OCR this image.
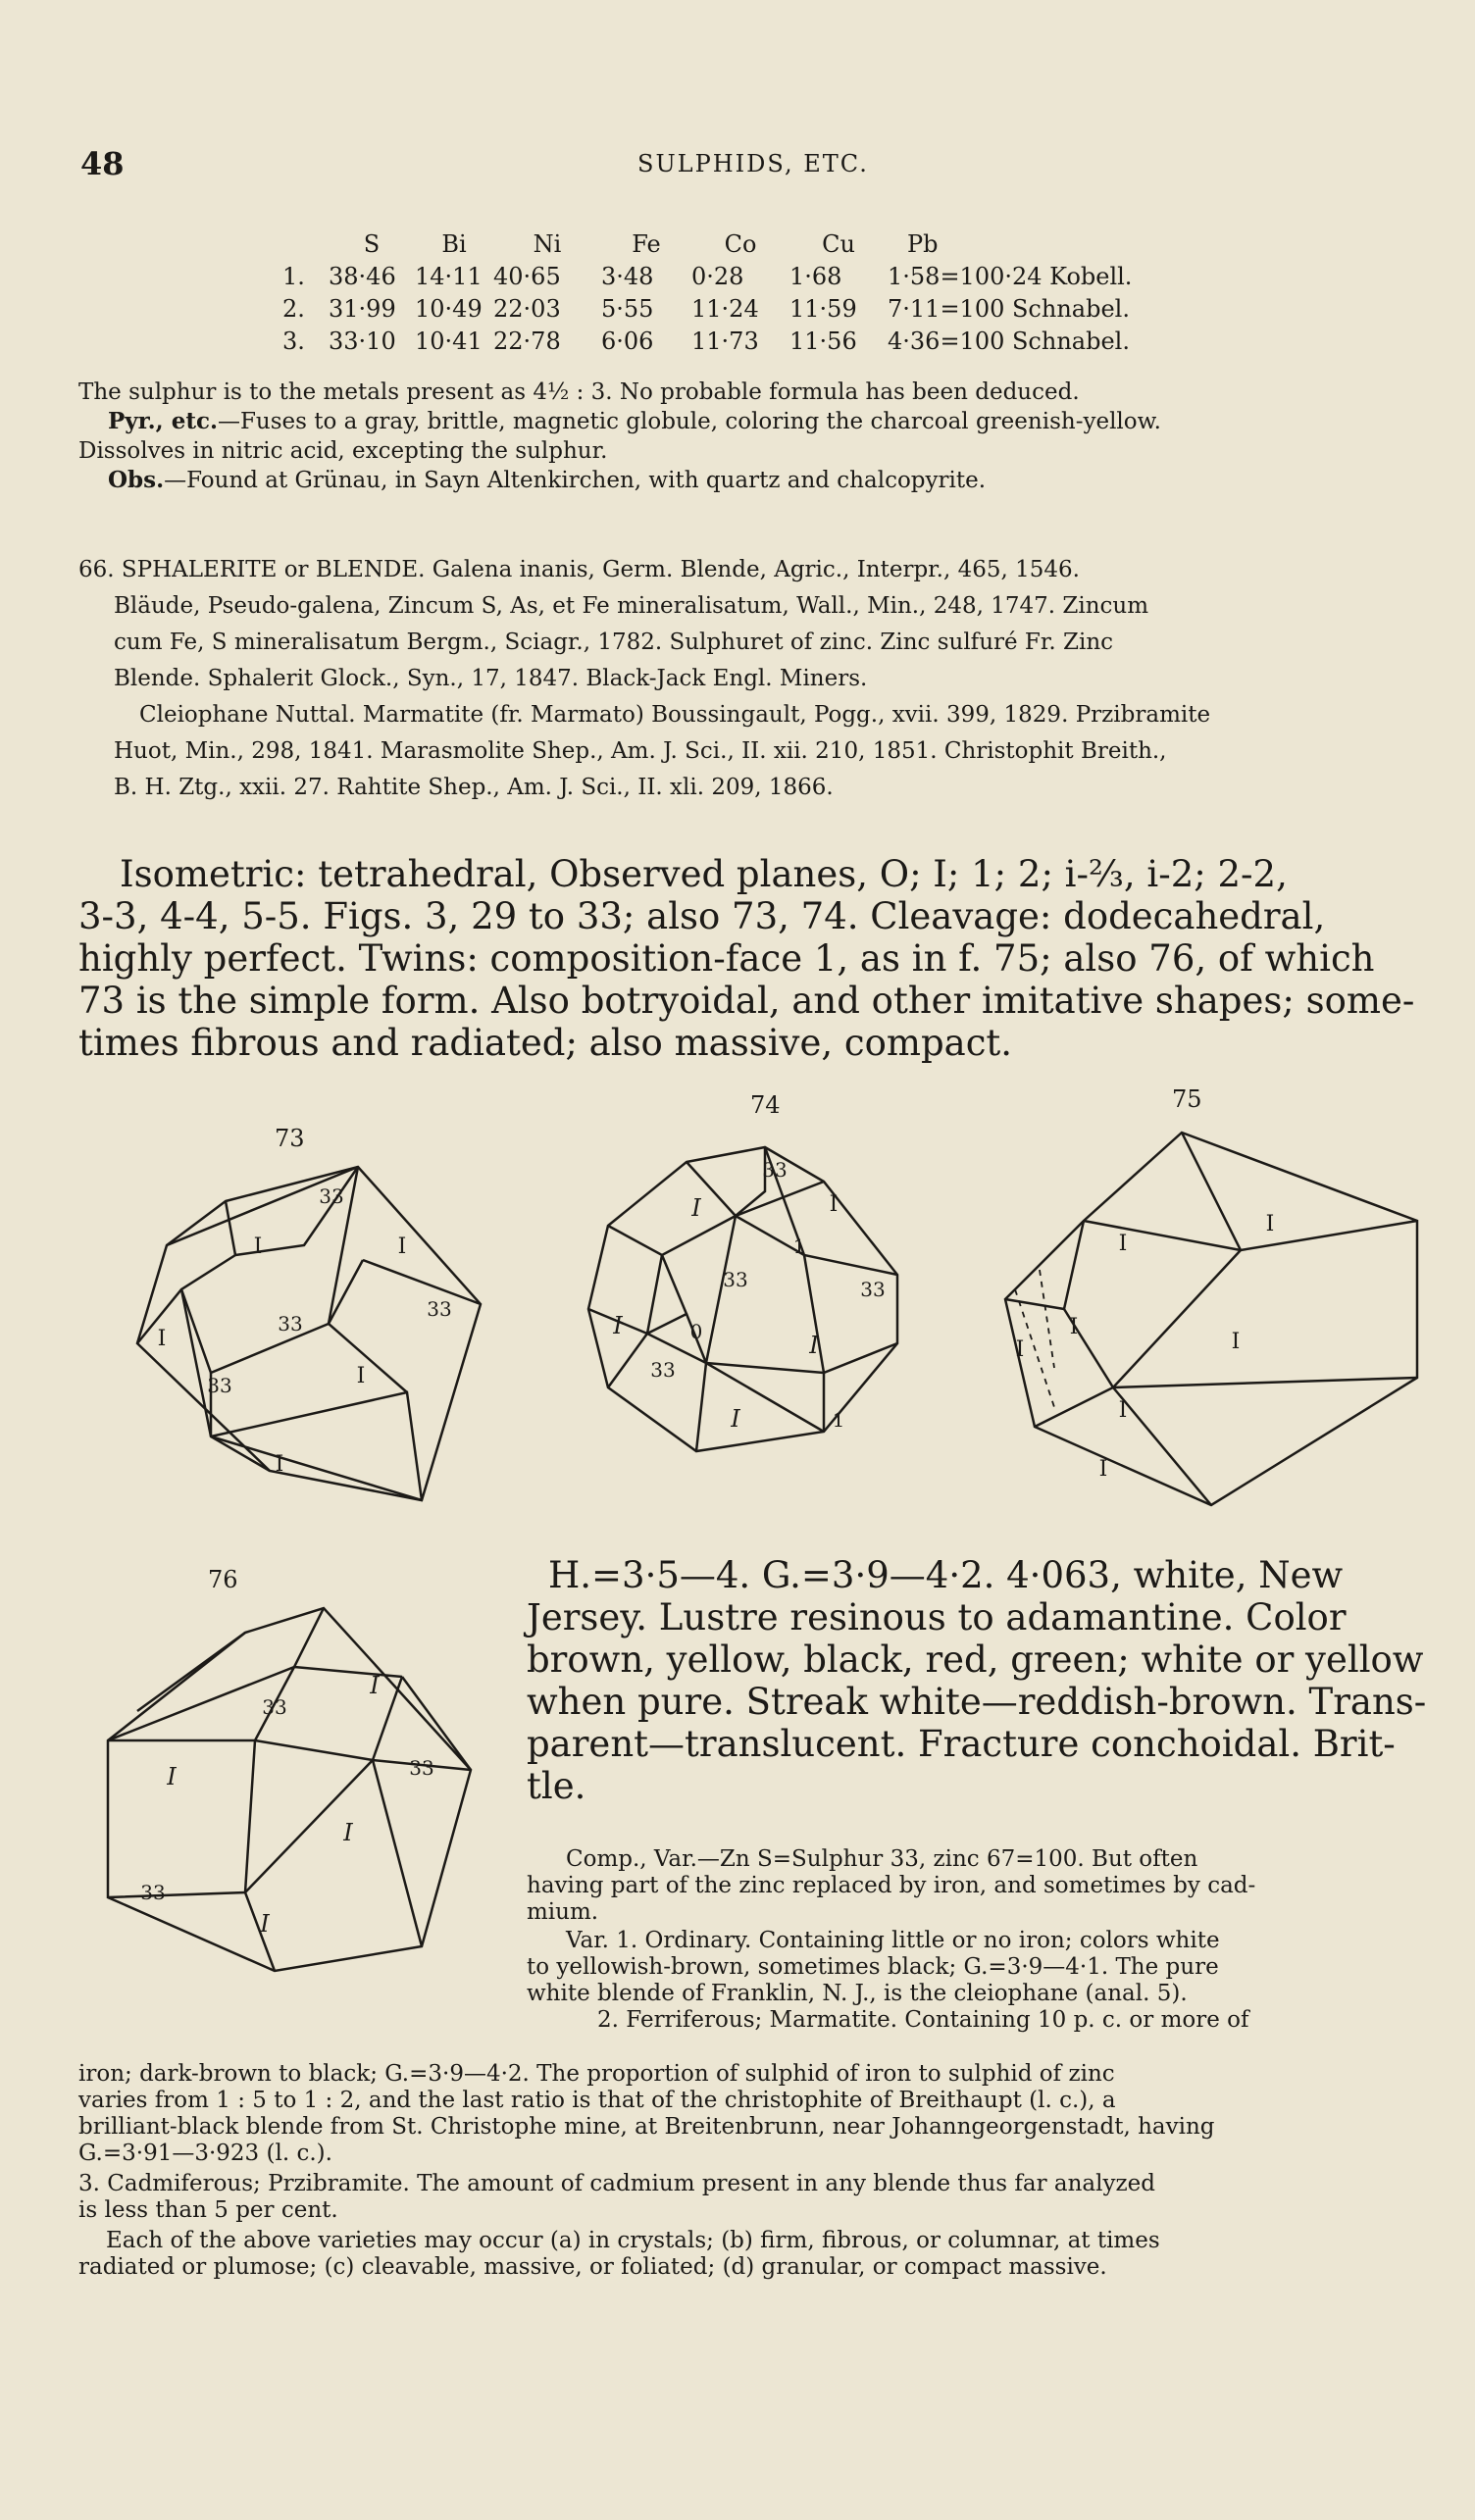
48	SULPHIDS, ETC.
	S	Bi	Ni	Fe	Co	Cu	Pb
1.	38·46	14·11	40·65	3·48	0·28	1·68	1·58=100·24 Kobell.
2.	31·99	10·49	22·03	5·55	11·24	11·59	7·11=100 Schnabel.
3.	33·10	10·41	22·78	6·06	11·73	11·56	4·36=100 Schnabel.
The sulphur is to the metals present as 4½ : 3. No probable formula has been deduced.
Pyr., etc.—Fuses to a gray, brittle, magnetic globule, coloring the charcoal greenish-yellow.
Dissolves in nitric acid, excepting the sulphur.
Obs.—Found at Grünau, in Sayn Altenkirchen, with quartz and chalcopyrite.
66. SPHALERITE or BLENDE. Galena inanis, Germ. Blende, Agric., Interpr., 465, 1546.
Bläude, Pseudo-galena, Zincum S, As, et Fe mineralisatum, Wall., Min., 248, 1747. Zincum
cum Fe, S mineralisatum Bergm., Sciagr., 1782. Sulphuret of zinc. Zinc sulfuré Fr. Zinc
Blende. Sphalerit Glock., Syn., 17, 1847. Black-Jack Engl. Miners.
Cleiophane Nuttal. Marmatite (fr. Marmato) Boussingault, Pogg., xvii. 399, 1829. Przibramite
Huot, Min., 298, 1841. Marasmolite Shep., Am. J. Sci., II. xii. 210, 1851. Christophit Breith.,
B. H. Ztg., xxii. 27. Rahtite Shep., Am. J. Sci., II. xli. 209, 1866.
Isometric: tetrahedral, Observed planes, O; I; 1; 2; i-⅔, i-2; 2-2,
3-3, 4-4, 5-5. Figs. 3, 29 to 33; also 73, 74. Cleavage: dodecahedral,
highly perfect. Twins: composition-face 1, as in f. 75; also 76, of which
73 is the simple form. Also botryoidal, and other imitative shapes; some-
times fibrous and radiated; also massive, compact.
73
33
I	I
I
33
33
33	I
I
74
33
I	I
1
33	33
I	0
33
I
I	1
75
I
I
I
I	I
I
I
76
I
33
I	33
I
33
I
H.=3·5—4. G.=3·9—4·2. 4·063, white, New
Jersey. Lustre resinous to adamantine. Color
brown, yellow, black, red, green; white or yellow
when pure. Streak white—reddish-brown. Trans-
parent—translucent. Fracture conchoidal. Brit-
tle.
Comp., Var.—Zn S=Sulphur 33, zinc 67=100. But often
having part of the zinc replaced by iron, and sometimes by cad-
mium.
Var. 1. Ordinary. Containing little or no iron; colors white
to yellowish-brown, sometimes black; G.=3·9—4·1. The pure
white blende of Franklin, N. J., is the cleiophane (anal. 5).
2. Ferriferous; Marmatite. Containing 10 p. c. or more of
iron; dark-brown to black; G.=3·9—4·2. The proportion of sulphid of iron to sulphid of zinc
varies from 1 : 5 to 1 : 2, and the last ratio is that of the christophite of Breithaupt (l. c.), a
brilliant-black blende from St. Christophe mine, at Breitenbrunn, near Johanngeorgenstadt, having
G.=3·91—3·923 (l. c.).
3. Cadmiferous; Przibramite. The amount of cadmium present in any blende thus far analyzed
is less than 5 per cent.
Each of the above varieties may occur (a) in crystals; (b) firm, fibrous, or columnar, at times
radiated or plumose; (c) cleavable, massive, or foliated; (d) granular, or compact massive.
